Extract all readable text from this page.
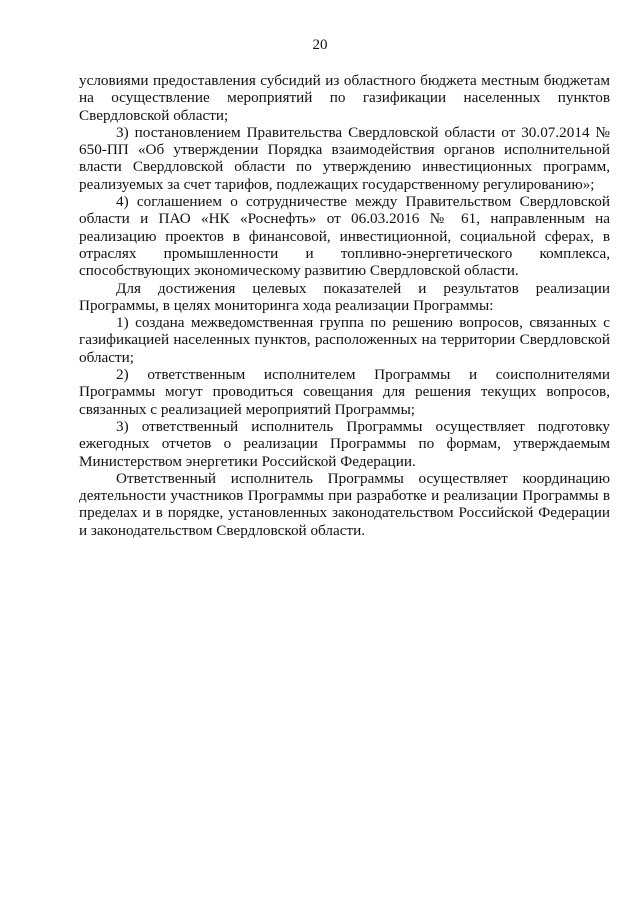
20

условиями предоставления субсидий из областного бюджета местным бюджетам на осуществление мероприятий по газификации населенных пунктов Свердловской области;

3) постановлением Правительства Свердловской области от 30.07.2014 № 650-ПП «Об утверждении Порядка взаимодействия органов исполнительной власти Свердловской области по утверждению инвестиционных программ, реализуемых за счет тарифов, подлежащих государственному регулированию»;

4) соглашением о сотрудничестве между Правительством Свердловской области и ПАО «НК «Роснефть» от 06.03.2016 № 61, направленным на реализацию проектов в финансовой, инвестиционной, социальной сферах, в отраслях промышленности и топливно-энергетического комплекса, способствующих экономическому развитию Свердловской области.

Для достижения целевых показателей и результатов реализации Программы, в целях мониторинга хода реализации Программы:

1) создана межведомственная группа по решению вопросов, связанных с газификацией населенных пунктов, расположенных на территории Свердловской области;

2) ответственным исполнителем Программы и соисполнителями Программы могут проводиться совещания для решения текущих вопросов, связанных с реализацией мероприятий Программы;

3) ответственный исполнитель Программы осуществляет подготовку ежегодных отчетов о реализации Программы по формам, утверждаемым Министерством энергетики Российской Федерации.

Ответственный исполнитель Программы осуществляет координацию деятельности участников Программы при разработке и реализации Программы в пределах и в порядке, установленных законодательством Российской Федерации и законодательством Свердловской области.
